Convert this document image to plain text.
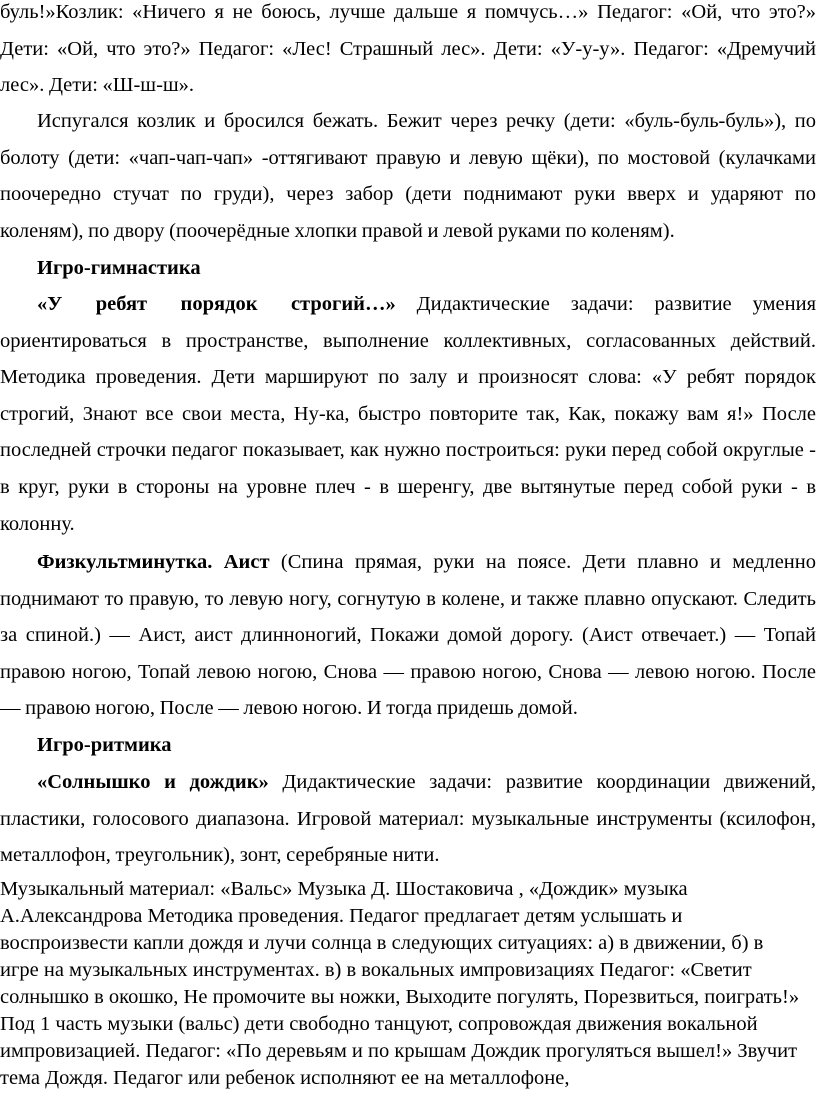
буль!»Козлик: «Ничего я не боюсь, лучше дальше я помчусь…» Педагог: «Ой, что это?» Дети: «Ой, что это?» Педагог: «Лес! Страшный лес». Дети: «У-у-у». Педагог: «Дремучий лес». Дети: «Ш-ш-ш».

Испугался козлик и бросился бежать. Бежит через речку (дети: «буль-буль-буль»), по болоту (дети: «чап-чап-чап» -оттягивают правую и левую щёки), по мостовой (кулачками поочередно стучат по груди), через забор (дети поднимают руки вверх и ударяют по коленям), по двору (поочерёдные хлопки правой и левой руками по коленям).

Игро-гимнастика

«У ребят порядок строгий…» Дидактические задачи: развитие умения ориентироваться в пространстве, выполнение коллективных, согласованных действий. Методика проведения. Дети маршируют по залу и произносят слова: «У ребят порядок строгий, Знают все свои места, Ну-ка, быстро повторите так, Как, покажу вам я!» После последней строчки педагог показывает, как нужно построиться: руки перед собой округлые - в круг, руки в стороны на уровне плеч - в шеренгу, две вытянутые перед собой руки - в колонну.

Физкультминутка. Аист (Спина прямая, руки на поясе. Дети плавно и медленно поднимают то правую, то левую ногу, согнутую в колене, и также плавно опускают. Следить за спиной.) — Аист, аист длинноногий, Покажи домой дорогу. (Аист отвечает.) — Топай правою ногою, Топай левою ногою, Снова — правою ногою, Снова — левою ногою. После — правою ногою, После — левою ногою. И тогда придешь домой.

Игро-ритмика

«Солнышко и дождик» Дидактические задачи: развитие координации движений, пластики, голосового диапазона. Игровой материал: музыкальные инструменты (ксилофон, металлофон, треугольник), зонт, серебряные нити.

Музыкальный материал: «Вальс» Музыка Д. Шостаковича , «Дождик» музыка А.Александрова Методика проведения. Педагог предлагает детям услышать и воспроизвести капли дождя и лучи солнца в следующих ситуациях: а) в движении, б) в игре на музыкальных инструментах. в) в вокальных импровизациях Педагог: «Светит солнышко в окошко, Не промочите вы ножки, Выходите погулять, Порезвиться, поиграть!» Под 1 часть музыки (вальс) дети свободно танцуют, сопровождая движения вокальной импровизацией. Педагог: «По деревьям и по крышам Дождик прогуляться вышел!» Звучит тема Дождя. Педагог или ребенок исполняют ее на металлофоне,
